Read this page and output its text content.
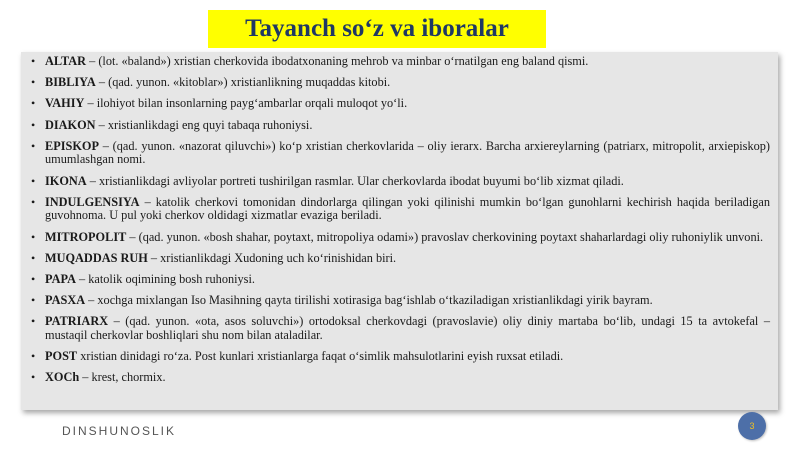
Tayanch so‘z va iboralar
• ALTAR – (lot. «baland») xristian cherkovida ibodatxonaning mehrob va minbar o‘rnatilgan eng baland qismi.
• BIBLIYA – (qad. yunon. «kitoblar») xristianlikning muqaddas kitobi.
• VAHIY – ilohiyot bilan insonlarning payg‘ambarlar orqali muloqot yo‘li.
• DIAKON – xristianlikdagi eng quyi tabaqa ruhoniysi.
• EPISKOP – (qad. yunon. «nazorat qiluvchi») ko‘p xristian cherkovlarida – oliy ierarx. Barcha arxiereylarning (patriarx, mitropolit, arxiepiskop) umumlashgan nomi.
• IKONA – xristianlikdagi avliyolar portreti tushirilgan rasmlar. Ular cherkovlarda ibodat buyumi bo‘lib xizmat qiladi.
• INDULGENSIYA – katolik cherkovi tomonidan dindorlarga qilingan yoki qilinishi mumkin bo‘lgan gunohlarni kechirish haqida beriladigan guvohnoma. U pul yoki cherkov oldidagi xizmatlar evaziga beriladi.
• MITROPOLIT – (qad. yunon. «bosh shahar, poytaxt, mitropoliya odami») pravoslav cherkovining poytaxt shaharlardagi oliy ruhoniylik unvoni.
• MUQADDAS RUH – xristianlikdagi Xudoning uch ko‘rinishidan biri.
• PAPA – katolik oqimining bosh ruhoniysi.
• PASXA – xochga mixlangan Iso Masihning qayta tirilishi xotirasiga bag‘ishlab o‘tkaziladigan xristianlikdagi yirik bayram.
• PATRIARX – (qad. yunon. «ota, asos soluvchi») ortodoksal cherkovdagi (pravoslavie) oliy diniy martaba bo‘lib, undagi 15 ta avtokefal – mustaqil cherkovlar boshliqlari shu nom bilan ataladilar.
• POST xristian dinidagi ro‘za. Post kunlari xristianlarga faqat o‘simlik mahsulotlarini eyish ruxsat etiladi.
• XOCh – krest, chormix.
DINSHUNOSLIK	3
